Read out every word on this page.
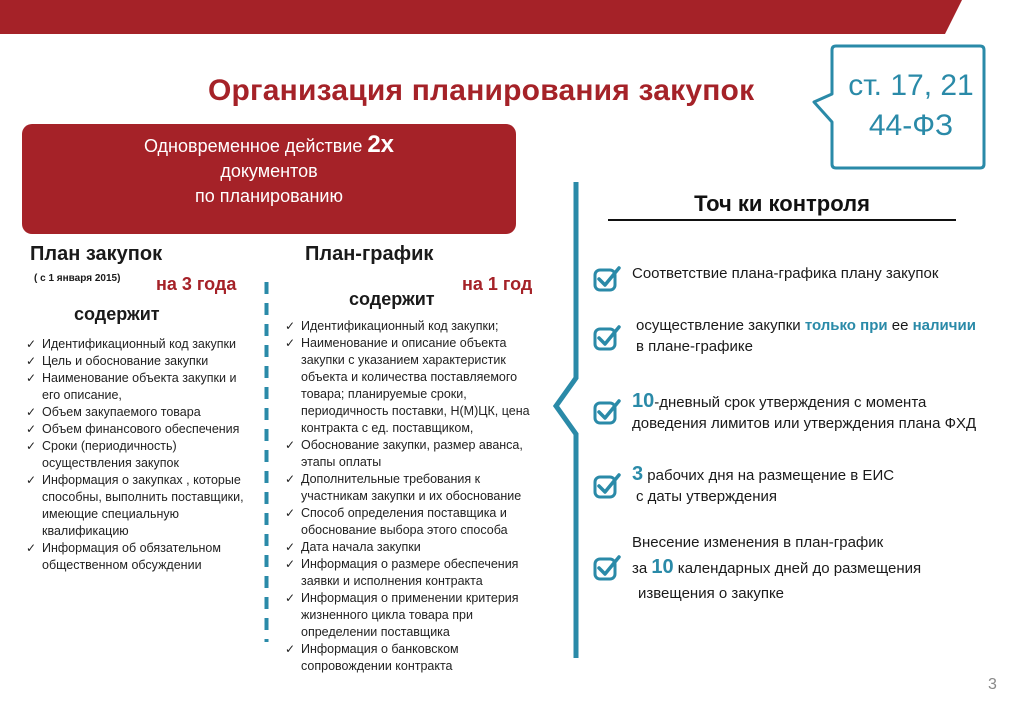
Организация планирования закупок	ст. 17, 21
44-ФЗ
Одновременное действие 2х
документов
по планированию
План закупок
( с 1 января 2015) на 3 года
содержит
✓ Идентификационный код закупки
✓ Цель и обоснование закупки
✓ Наименование объекта закупки и его описание,
✓ Объем закупаемого товара
✓ Объем финансового обеспечения
✓ Сроки (периодичность) осуществления закупок
✓ Информация о закупках , которые способны, выполнить поставщики, имеющие специальную квалификацию
✓ Информация об обязательном общественном обсуждении
План-график
на 1 год
содержит
✓ Идентификационный код закупки;
✓ Наименование и описание объекта закупки с указанием характеристик объекта и количества поставляемого товара; планируемые сроки, периодичность поставки, Н(М)ЦК, цена контракта с ед. поставщиком,
✓ Обоснование закупки, размер аванса, этапы оплаты
✓ Дополнительные требования к участникам закупки и их обоснование
✓ Способ определения поставщика и обоснование выбора этого способа
✓ Дата начала закупки
✓ Информация о размере обеспечения заявки и исполнения контракта
✓ Информация о применении критерия жизненного цикла товара при определении поставщика
✓ Информация о банковском сопровождении контракта
Точ ки контроля
Соответствие плана-графика плану закупок
осуществление закупки только при ее наличии
в плане-графике
10-дневный срок утверждения с момента
доведения лимитов или утверждения плана ФХД
3 рабочих дня на размещение в ЕИС
с даты утверждения
Внесение изменения в план-график
за 10 календарных дней до размещения
извещения о закупке
3
